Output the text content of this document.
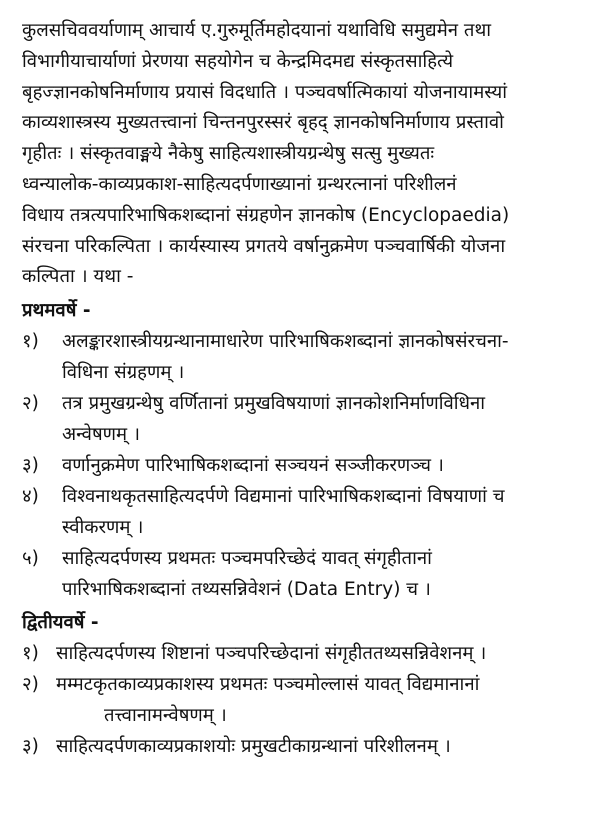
कुलसचिववर्याणाम् आचार्य ए.गुरुमूर्तिमहोदयानां यथाविधि समुद्यमेन तथा
विभागीयाचार्याणां प्रेरणया सहयोगेन च केन्द्रमिदमद्य संस्कृतसाहित्ये
बृहज्ज्ञानकोषनिर्माणाय प्रयासं विदधाति । पञ्चवर्षात्मिकायां योजनायामस्यां
काव्यशास्त्रस्य मुख्यतत्त्वानां चिन्तनपुरस्सरं बृहद् ज्ञानकोषनिर्माणाय प्रस्तावो
गृहीतः । संस्कृतवाङ्मये नैकेषु साहित्यशास्त्रीयग्रन्थेषु सत्सु मुख्यतः
ध्वन्यालोक-काव्यप्रकाश-साहित्यदर्पणाख्यानां ग्रन्थरत्नानां परिशीलनं
विधाय तत्रत्यपारिभाषिकशब्दानां संग्रहणेन ज्ञानकोष (Encyclopaedia)
संरचना परिकल्पिता । कार्यस्यास्य प्रगतये वर्षानुक्रमेण पञ्चवार्षिकी योजना
कल्पिता । यथा -
प्रथमवर्षे -
१)	अलङ्कारशास्त्रीयग्रन्थानामाधारेण पारिभाषिकशब्दानां ज्ञानकोषसंरचना-
विधिना संग्रहणम् ।
२)	तत्र प्रमुखग्रन्थेषु वर्णितानां प्रमुखविषयाणां ज्ञानकोशनिर्माणविधिना
अन्वेषणम् ।
३)	वर्णानुक्रमेण पारिभाषिकशब्दानां सञ्चयनं सञ्जीकरणञ्च ।
४)	विश्वनाथकृतसाहित्यदर्पणे विद्यमानां पारिभाषिकशब्दानां विषयाणां च
स्वीकरणम् ।
५)	साहित्यदर्पणस्य प्रथमतः पञ्चमपरिच्छेदं यावत् संगृहीतानां
पारिभाषिकशब्दानां तथ्यसन्निवेशनं (Data Entry) च ।
द्वितीयवर्षे -
१) साहित्यदर्पणस्य शिष्टानां पञ्चपरिच्छेदानां संगृहीततथ्यसन्निवेशनम् ।
२) मम्मटकृतकाव्यप्रकाशस्य प्रथमतः पञ्चमोल्लासं यावत् विद्यमानानां
तत्त्वानामन्वेषणम् ।
३) साहित्यदर्पणकाव्यप्रकाशयोः प्रमुखटीकाग्रन्थानां परिशीलनम् ।
